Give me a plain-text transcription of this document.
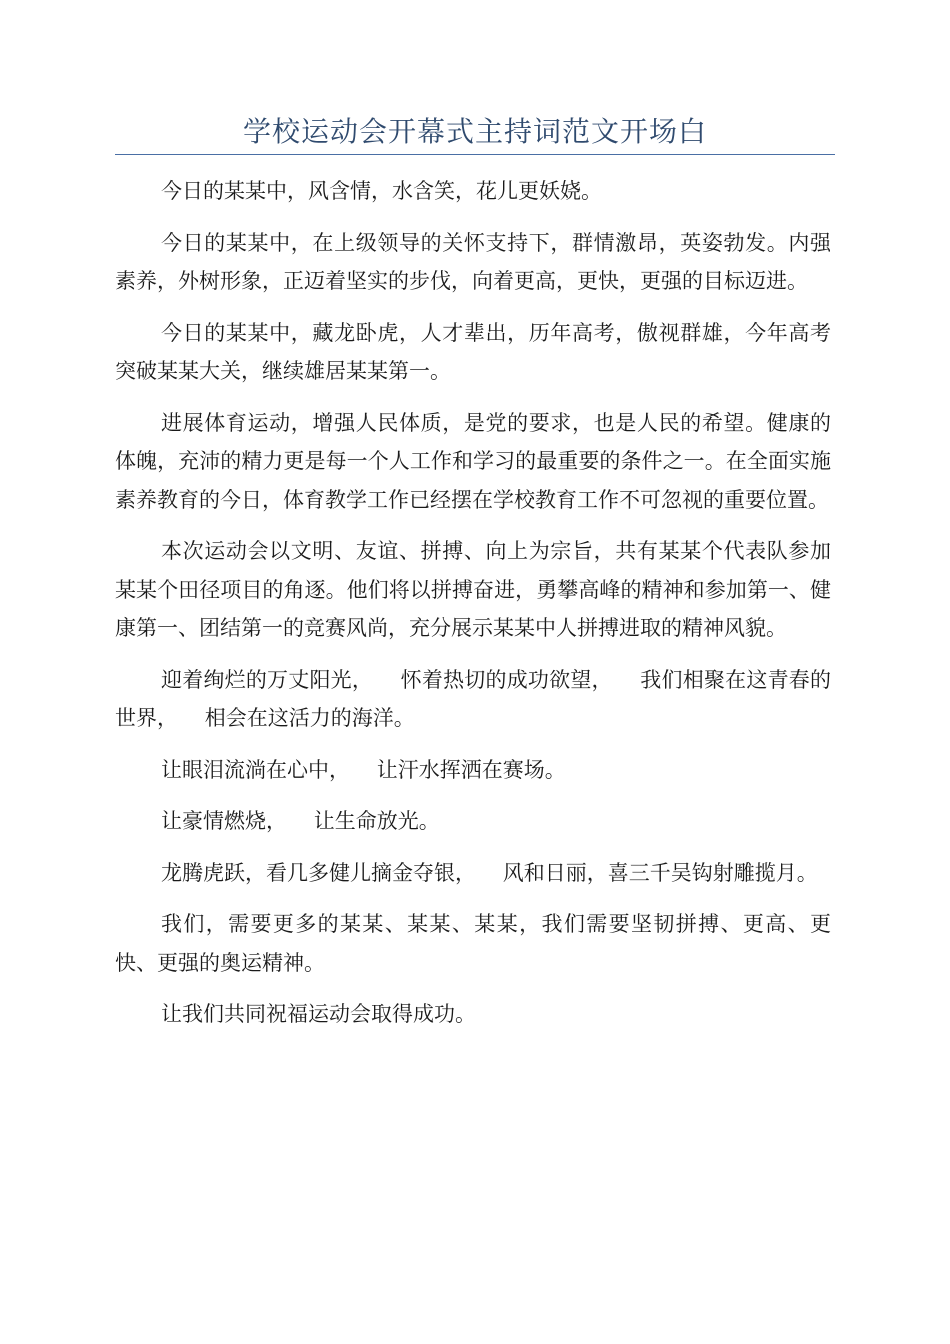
学校运动会开幕式主持词范文开场白

今日的某某中，风含情，水含笑，花儿更妖娆。

今日的某某中，在上级领导的关怀支持下，群情激昂，英姿勃发。内强素养，外树形象，正迈着坚实的步伐，向着更高，更快，更强的目标迈进。

今日的某某中，藏龙卧虎，人才辈出，历年高考，傲视群雄，今年高考突破某某大关，继续雄居某某第一。

进展体育运动，增强人民体质，是党的要求，也是人民的希望。健康的体魄，充沛的精力更是每一个人工作和学习的最重要的条件之一。在全面实施素养教育的今日，体育教学工作已经摆在学校教育工作不可忽视的重要位置。

本次运动会以文明、友谊、拼搏、向上为宗旨，共有某某个代表队参加某某个田径项目的角逐。他们将以拼搏奋进，勇攀高峰的精神和参加第一、健康第一、团结第一的竞赛风尚，充分展示某某中人拼搏进取的精神风貌。

迎着绚烂的万丈阳光，    怀着热切的成功欲望，    我们相聚在这青春的世界，    相会在这活力的海洋。

让眼泪流淌在心中，    让汗水挥洒在赛场。

让豪情燃烧，    让生命放光。

龙腾虎跃，看几多健儿摘金夺银，    风和日丽，喜三千吴钩射雕揽月。

我们，需要更多的某某、某某、某某，我们需要坚韧拼搏、更高、更快、更强的奥运精神。

让我们共同祝福运动会取得成功。
